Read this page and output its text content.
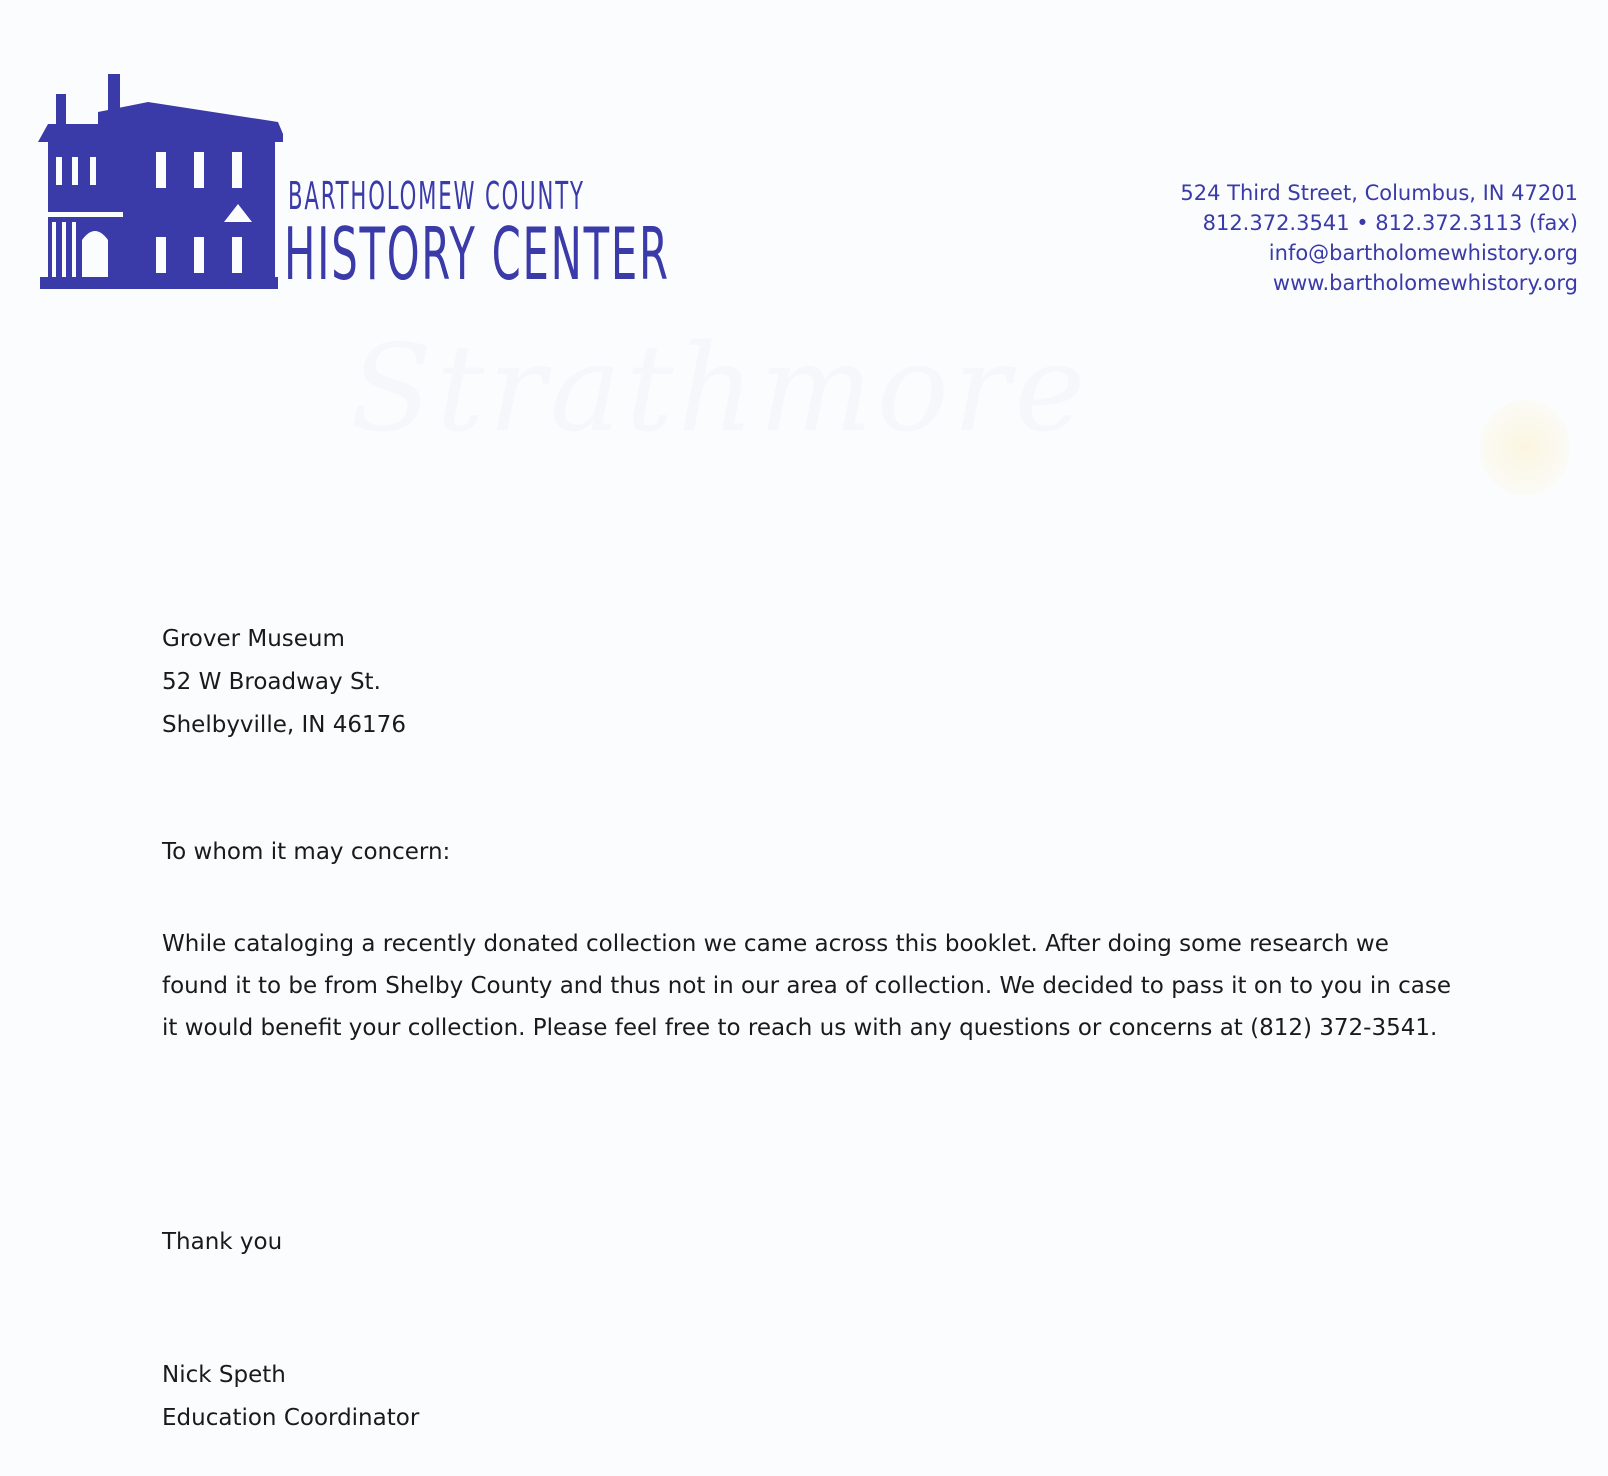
Strathmore
BARTHOLOMEW COUNTY
HISTORY CENTER
524 Third Street, Columbus, IN 47201
812.372.3541 • 812.372.3113 (fax)
info@bartholomewhistory.org
www.bartholomewhistory.org
Grover Museum
52 W Broadway St.
Shelbyville, IN 46176
To whom it may concern:
While cataloging a recently donated collection we came across this booklet. After doing some research we found it to be from Shelby County and thus not in our area of collection. We decided to pass it on to you in case it would benefit your collection. Please feel free to reach us with any questions or concerns at (812) 372-3541.
Thank you
Nick Speth
Education Coordinator
